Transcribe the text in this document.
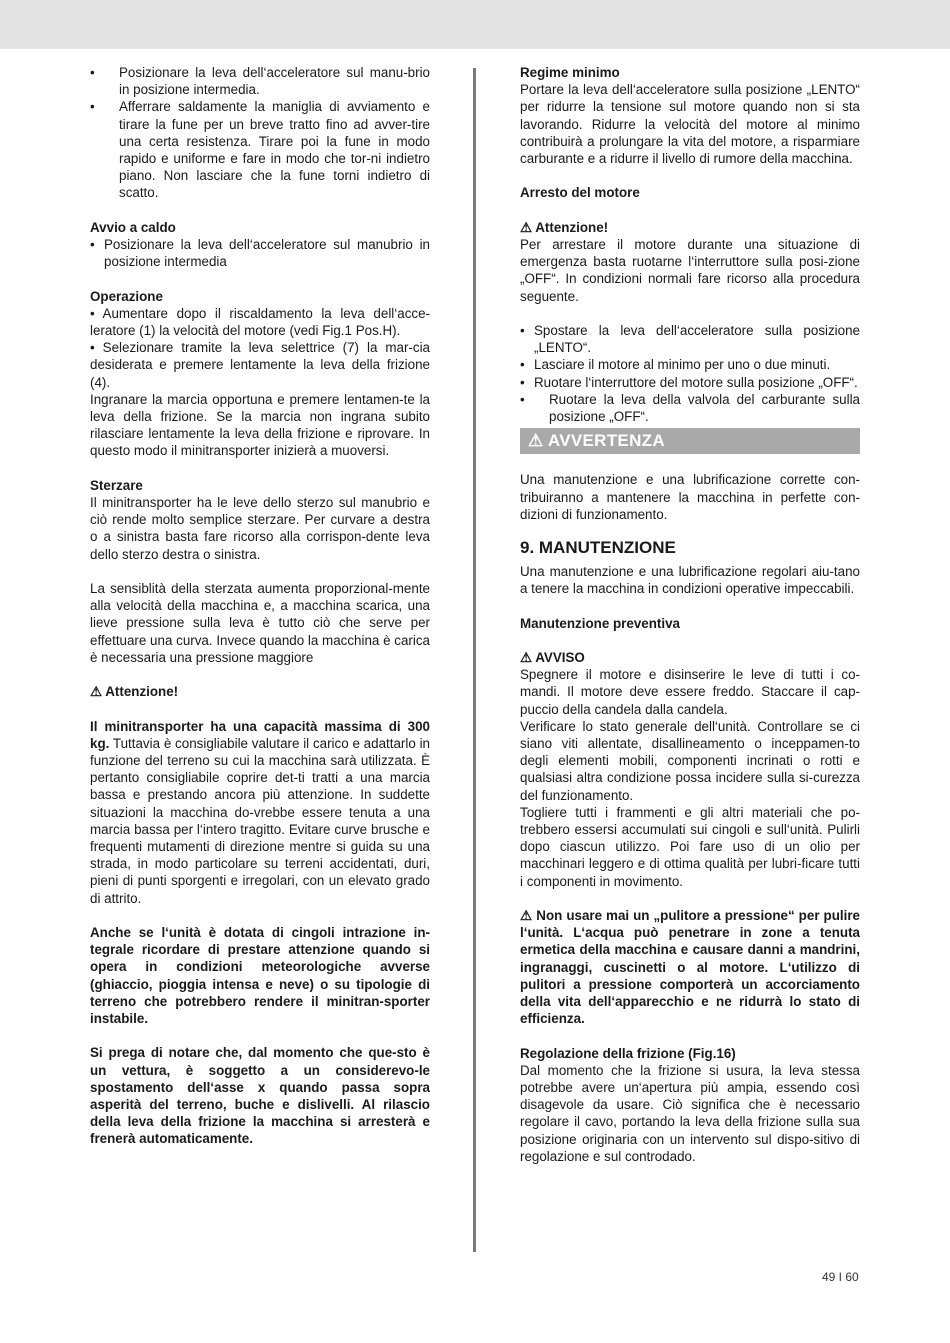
• Posizionare la leva dell‘acceleratore sul manu-brio in posizione intermedia.
• Afferrare saldamente la maniglia di avviamento e tirare la fune per un breve tratto fino ad avver-tire una certa resistenza. Tirare poi la fune in modo rapido e uniforme e fare in modo che tor-ni indietro piano. Non lasciare che la fune torni indietro di scatto.

Avvio a caldo

• Posizionare la leva dell‘acceleratore sul manubrio in posizione intermedia

Operazione

• Aumentare dopo il riscaldamento la leva dell‘acce-leratore (1) la velocità del motore (vedi Fig.1 Pos.H).

• Selezionare tramite la leva selettrice (7) la mar-cia desiderata e premere lentamente la leva della frizione (4).

Ingranare la marcia opportuna e premere lentamen-te la leva della frizione. Se la marcia non ingrana subito rilasciare lentamente la leva della frizione e riprovare. In questo modo il minitransporter inizierà a muoversi.

Sterzare

Il minitransporter ha le leve dello sterzo sul manubrio e ciò rende molto semplice sterzare. Per curvare a destra o a sinistra basta fare ricorso alla corrispon-dente leva dello sterzo destra o sinistra.

La sensiblità della sterzata aumenta proporzional-mente alla velocità della macchina e, a macchina scarica, una lieve pressione sulla leva è tutto ciò che serve per effettuare una curva. Invece quando la macchina è carica è necessaria una pressione maggiore

⚠ Attenzione!

Il minitransporter ha una capacità massima di 300 kg. Tuttavia è consigliabile valutare il carico e adattarlo in funzione del terreno su cui la macchina sarà utilizzata. È pertanto consigliabile coprire det-ti tratti a una marcia bassa e prestando ancora più attenzione. In suddette situazioni la macchina do-vrebbe essere tenuta a una marcia bassa per l‘intero tragitto. Evitare curve brusche e frequenti mutamenti di direzione mentre si guida su una strada, in modo particolare su terreni accidentati, duri, pieni di punti sporgenti e irregolari, con un elevato grado di attrito.

Anche se l‘unità è dotata di cingoli intrazione in-tegrale ricordare di prestare attenzione quando si opera in condizioni meteorologiche avverse (ghiaccio, pioggia intensa e neve) o su tipologie di terreno che potrebbero rendere il minitran-sporter instabile.

Si prega di notare che, dal momento che que-sto è un vettura, è soggetto a un considerevo-le spostamento dell‘asse x quando passa sopra asperità del terreno, buche e dislivelli. Al rilascio della leva della frizione la macchina si arresterà e frenerà automaticamente.

Regime minimo

Portare la leva dell‘acceleratore sulla posizione „LENTO“ per ridurre la tensione sul motore quando non si sta lavorando. Ridurre la velocità del motore al minimo contribuirà a prolungare la vita del motore, a risparmiare carburante e a ridurre il livello di rumore della macchina.

Arresto del motore

⚠ Attenzione!

Per arrestare il motore durante una situazione di emergenza basta ruotarne l‘interruttore sulla posi-zione „OFF“. In condizioni normali fare ricorso alla procedura seguente.

• Spostare la leva dell‘acceleratore sulla posizione „LENTO“.
• Lasciare il motore al minimo per uno o due minuti.
• Ruotare l‘interruttore del motore sulla posizione „OFF“.
• Ruotare la leva della valvola del carburante sulla posizione „OFF“.
⚠ AVVERTENZA

Una manutenzione e una lubrificazione corrette con-tribuiranno a mantenere la macchina in perfette con-dizioni di funzionamento.

9. MANUTENZIONE

Una manutenzione e una lubrificazione regolari aiu-tano a tenere la macchina in condizioni operative impeccabili.

Manutenzione preventiva

⚠ AVVISO

Spegnere il motore e disinserire le leve di tutti i co-mandi. Il motore deve essere freddo. Staccare il cap-puccio della candela dalla candela.

Verificare lo stato generale dell‘unità. Controllare se ci siano viti allentate, disallineamento o inceppamen-to degli elementi mobili, componenti incrinati o rotti e qualsiasi altra condizione possa incidere sulla si-curezza del funzionamento.

Togliere tutti i frammenti e gli altri materiali che po-trebbero essersi accumulati sui cingoli e sull‘unità. Pulirli dopo ciascun utilizzo. Poi fare uso di un olio per macchinari leggero e di ottima qualità per lubri-ficare tutti i componenti in movimento.

⚠ Non usare mai un „pulitore a pressione“ per pulire l‘unità. L‘acqua può penetrare in zone a tenuta ermetica della macchina e causare danni a mandrini, ingranaggi, cuscinetti o al motore. L‘utilizzo di pulitori a pressione comporterà un accorciamento della vita dell‘apparecchio e ne ridurrà lo stato di efficienza.

Regolazione della frizione (Fig.16)

Dal momento che la frizione si usura, la leva stessa potrebbe avere un‘apertura più ampia, essendo così disagevole da usare. Ciò significa che è necessario regolare il cavo, portando la leva della frizione sulla sua posizione originaria con un intervento sul dispo-sitivo di regolazione e sul controdado.

49 I 60
